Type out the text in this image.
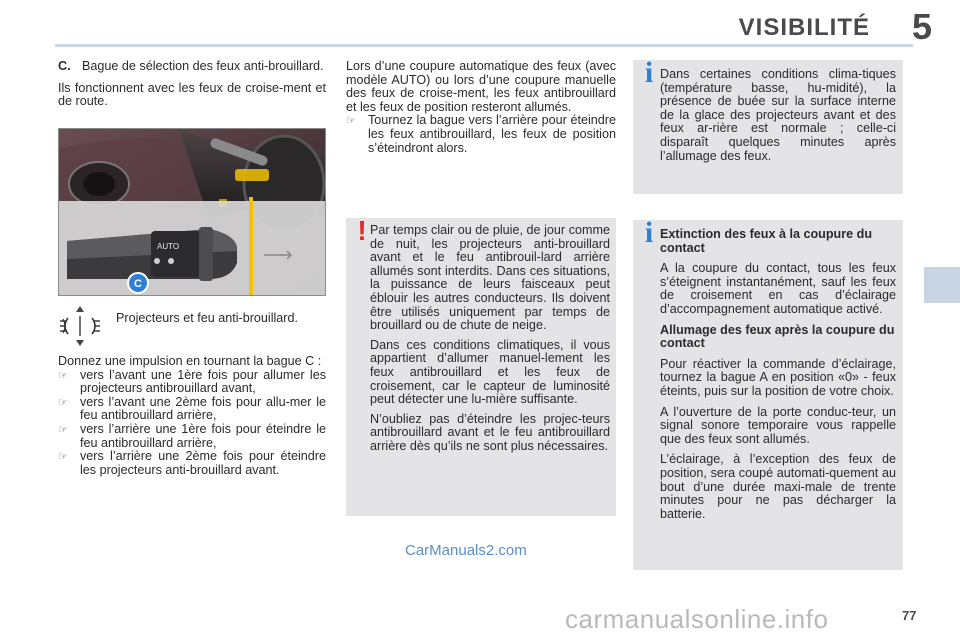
VISIBILITÉ 5
C. Bague de sélection des feux anti-brouillard.

Ils fonctionnent avec les feux de croise-ment et de route.

AUTO
C

Projecteurs et feu anti-brouillard.

Donnez une impulsion en tournant la bague C :

☞ vers l’avant une 1ère fois pour allumer les projecteurs antibrouillard avant,
☞ vers l’avant une 2ème fois pour allu-mer le feu antibrouillard arrière,
☞ vers l’arrière une 1ère fois pour éteindre le feu antibrouillard arrière,
☞ vers l’arrière une 2ème fois pour éteindre les projecteurs anti-brouillard avant.

Lors d’une coupure automatique des feux (avec modèle AUTO) ou lors d’une coupure manuelle des feux de croise-ment, les feux antibrouillard et les feux de position resteront allumés.

☞ Tournez la bague vers l’arrière pour éteindre les feux antibrouillard, les feux de position s’éteindront alors.
! Par temps clair ou de pluie, de jour comme de nuit, les projecteurs anti-brouillard avant et le feu antibrouil-lard arrière allumés sont interdits. Dans ces situations, la puissance de leurs faisceaux peut éblouir les autres conducteurs. Ils doivent être utilisés uniquement par temps de brouillard ou de chute de neige.

Dans ces conditions climatiques, il vous appartient d’allumer manuel-lement les feux antibrouillard et les feux de croisement, car le capteur de luminosité peut détecter une lu-mière suffisante.

N’oubliez pas d’éteindre les projec-teurs antibrouillard avant et le feu antibrouillard arrière dès qu’ils ne sont plus nécessaires.

i Dans certaines conditions clima-tiques (température basse, hu-midité), la présence de buée sur la surface interne de la glace des projecteurs avant et des feux ar-rière est normale ; celle-ci disparaît quelques minutes après l’allumage des feux.

i Extinction des feux à la coupure du contact

A la coupure du contact, tous les feux s’éteignent instantanément, sauf les feux de croisement en cas d’éclairage d’accompagnement automatique activé.

Allumage des feux après la coupure du contact

Pour réactiver la commande d’éclairage, tournez la bague A en position «0» - feux éteints, puis sur la position de votre choix.

A l’ouverture de la porte conduc-teur, un signal sonore temporaire vous rappelle que des feux sont allumés.

L’éclairage, à l’exception des feux de position, sera coupé automati-quement au bout d’une durée maxi-male de trente minutes pour ne pas décharger la batterie.

CarManuals2.com
carmanualsonline.info	77
